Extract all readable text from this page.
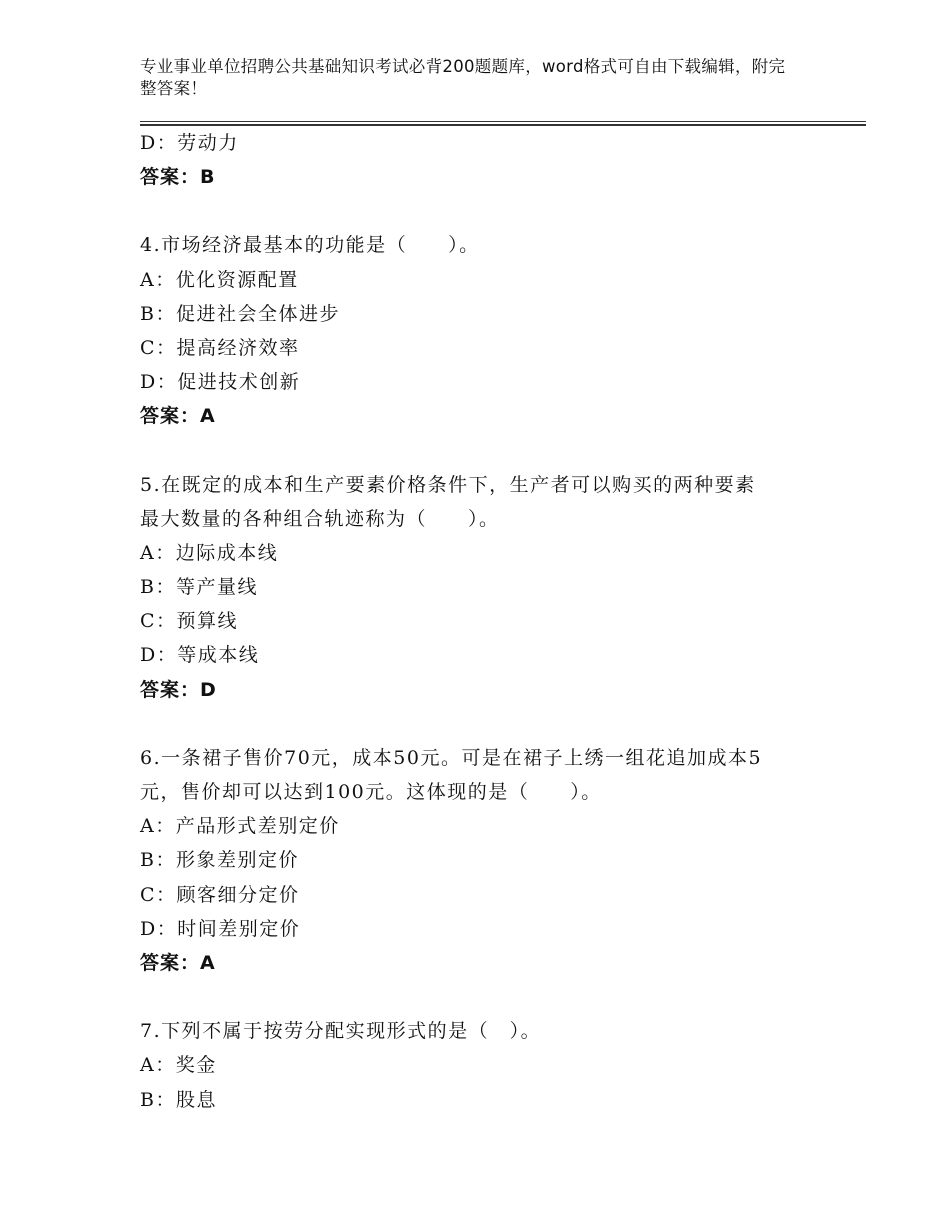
专业事业单位招聘公共基础知识考试必背200题题库，word格式可自由下载编辑，附完整答案！
D：劳动力
答案：B
4.市场经济最基本的功能是（　　）。
A：优化资源配置
B：促进社会全体进步
C：提高经济效率
D：促进技术创新
答案：A
5.在既定的成本和生产要素价格条件下，生产者可以购买的两种要素
最大数量的各种组合轨迹称为（　　）。
A：边际成本线
B：等产量线
C：预算线
D：等成本线
答案：D
6.一条裙子售价70元，成本50元。可是在裙子上绣一组花追加成本5
元，售价却可以达到100元。这体现的是（　　）。
A：产品形式差别定价
B：形象差别定价
C：顾客细分定价
D：时间差别定价
答案：A
7.下列不属于按劳分配实现形式的是（　）。
A：奖金
B：股息
